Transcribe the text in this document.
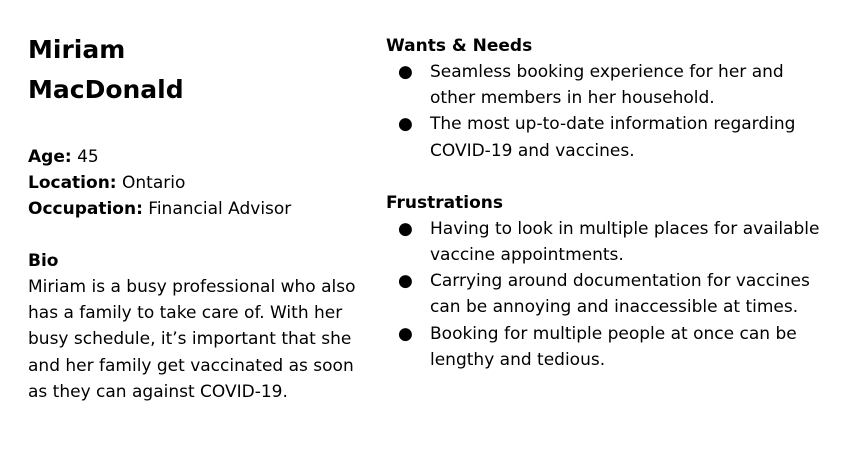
Miriam
MacDonald

Age: 45

Location: Ontario

Occupation: Financial Advisor

Bio

Miriam is a busy professional who also has a family to take care of. With her busy schedule, it’s important that she and her family get vaccinated as soon as they can against COVID-19.

Wants & Needs

● Seamless booking experience for her and other members in her household.
● The most up-to-date information regarding COVID-19 and vaccines.

Frustrations

● Having to look in multiple places for available vaccine appointments.
● Carrying around documentation for vaccines can be annoying and inaccessible at times.
● Booking for multiple people at once can be lengthy and tedious.
